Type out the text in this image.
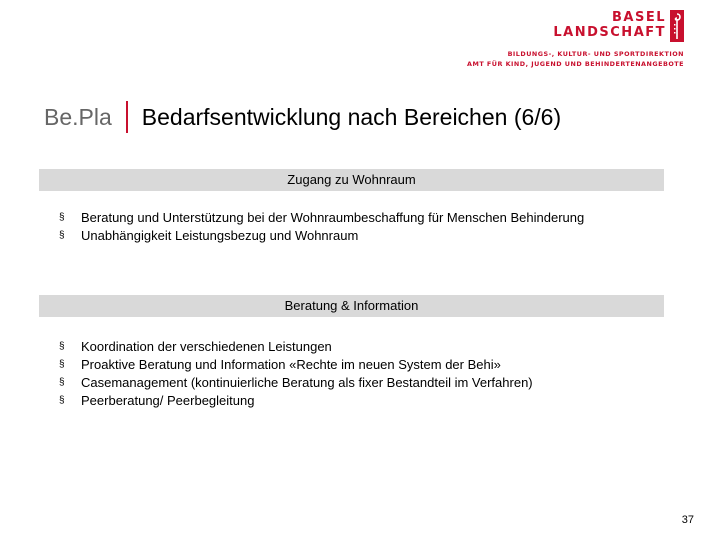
BASEL
LANDSCHAFT
BILDUNGS-, KULTUR- UND SPORTDIREKTION
AMT FÜR KIND, JUGEND UND BEHINDERTENANGEBOTE
Be.Pla Bedarfsentwicklung nach Bereichen (6/6)
Zugang zu Wohnraum
§ Beratung und Unterstützung bei der Wohnraumbeschaffung für Menschen Behinderung
§ Unabhängigkeit Leistungsbezug und Wohnraum
Beratung & Information
§ Koordination der verschiedenen Leistungen
§ Proaktive Beratung und Information «Rechte im neuen System der Behi»
§ Casemanagement (kontinuierliche Beratung als fixer Bestandteil im Verfahren)
§ Peerberatung/ Peerbegleitung
37
